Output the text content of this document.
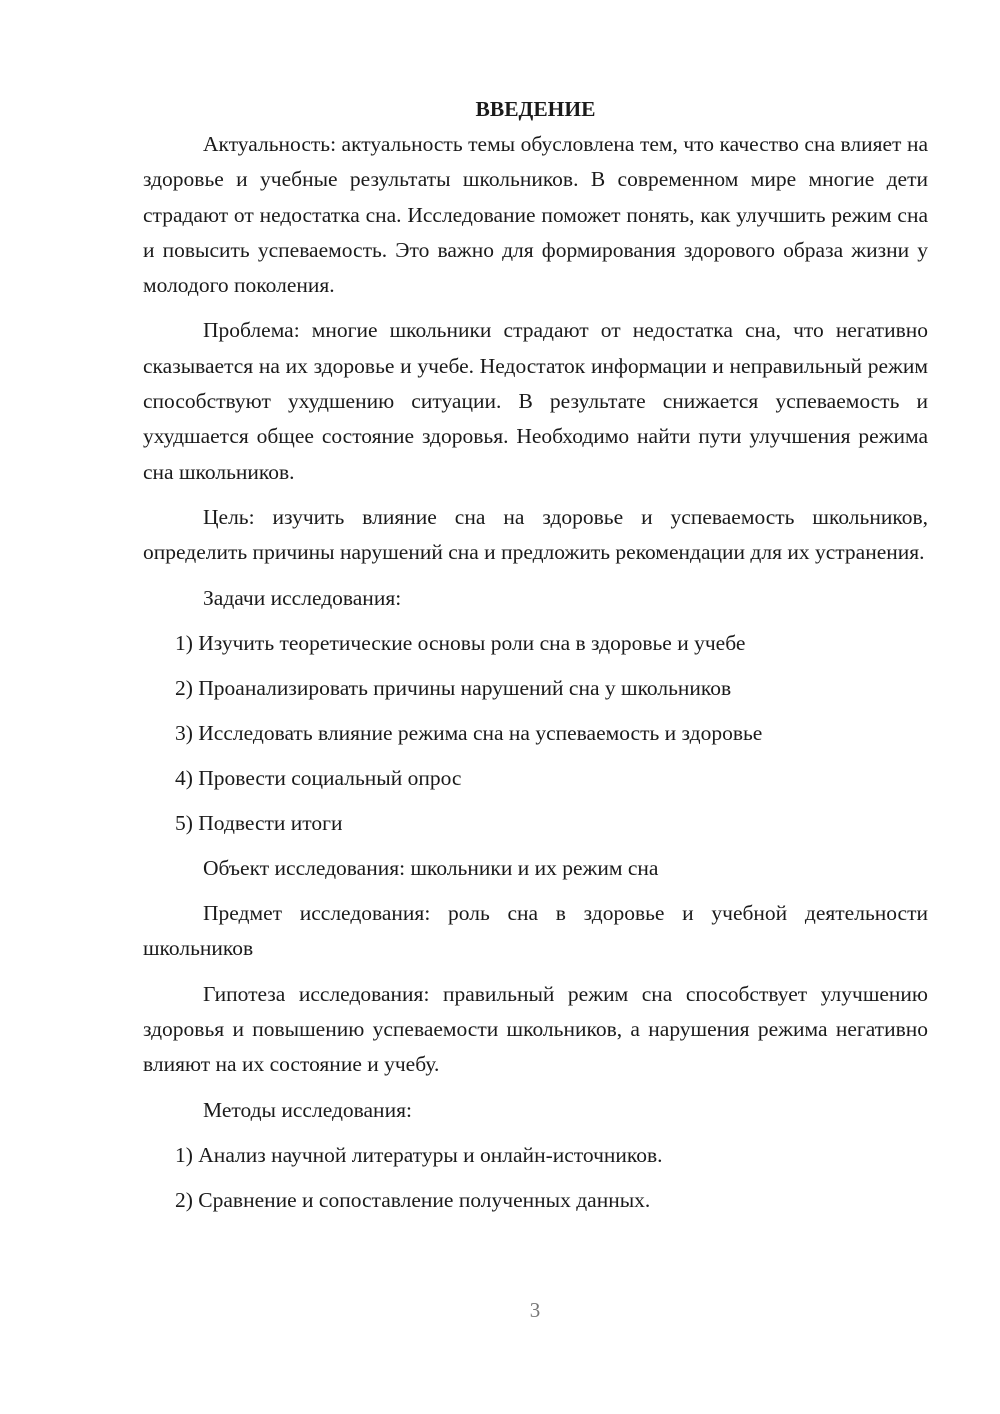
ВВЕДЕНИЕ

Актуальность: актуальность темы обусловлена тем, что качество сна влияет на здоровье и учебные результаты школьников. В современном мире многие дети страдают от недостатка сна. Исследование поможет понять, как улучшить режим сна и повысить успеваемость. Это важно для формирования здорового образа жизни у молодого поколения.

Проблема: многие школьники страдают от недостатка сна, что негативно сказывается на их здоровье и учебе. Недостаток информации и неправильный режим способствуют ухудшению ситуации. В результате снижается успеваемость и ухудшается общее состояние здоровья. Необходимо найти пути улучшения режима сна школьников.

Цель: изучить влияние сна на здоровье и успеваемость школьников, определить причины нарушений сна и предложить рекомендации для их устранения.

Задачи исследования:

1) Изучить теоретические основы роли сна в здоровье и учебе
2) Проанализировать причины нарушений сна у школьников
3) Исследовать влияние режима сна на успеваемость и здоровье
4) Провести социальный опрос
5) Подвести итоги

Объект исследования: школьники и их режим сна

Предмет исследования: роль сна в здоровье и учебной деятельности школьников

Гипотеза исследования: правильный режим сна способствует улучшению здоровья и повышению успеваемости школьников, а нарушения режима негативно влияют на их состояние и учебу.

Методы исследования:

1) Анализ научной литературы и онлайн-источников.
2) Сравнение и сопоставление полученных данных.
3
